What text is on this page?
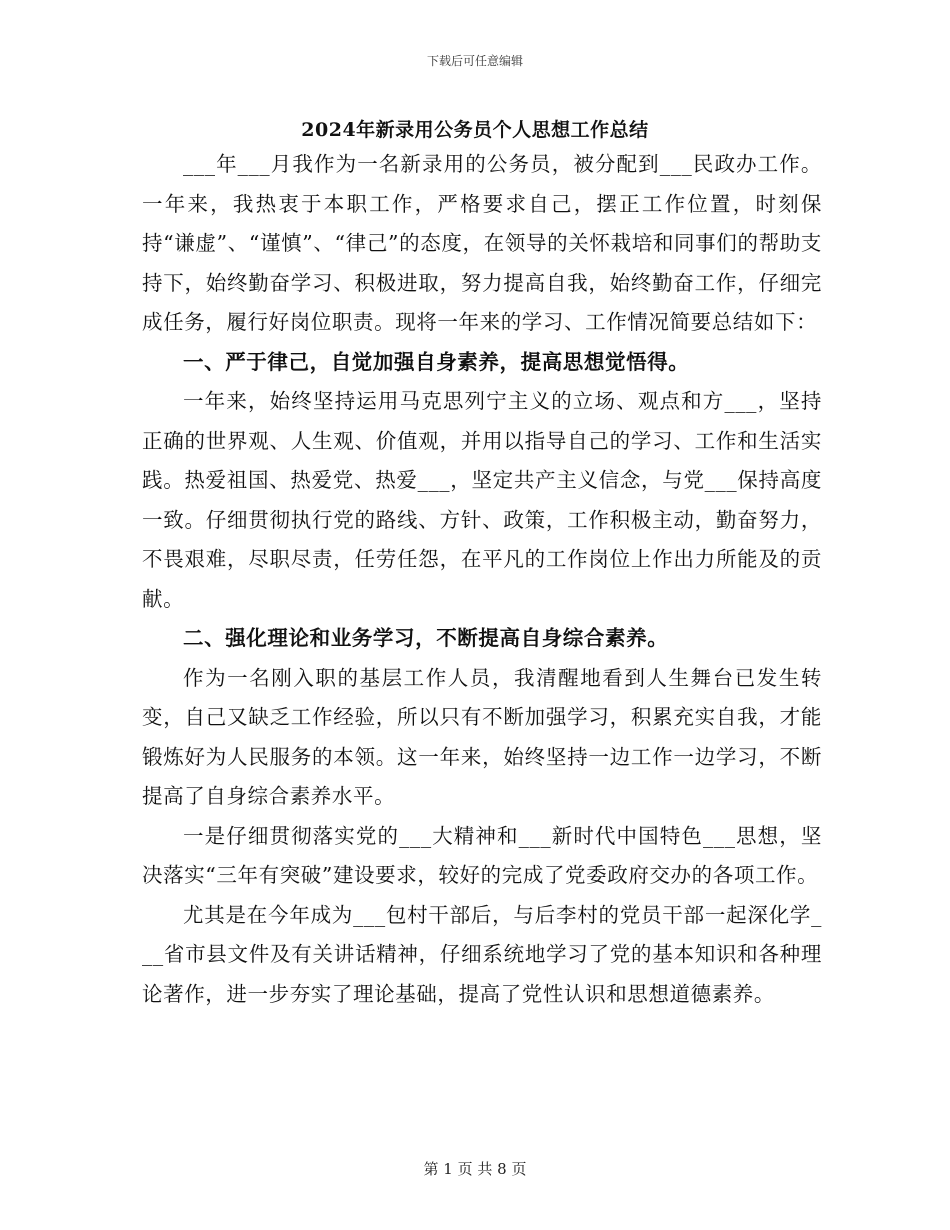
下载后可任意编辑
2024年新录用公务员个人思想工作总结

___年___月我作为一名新录用的公务员，被分配到___民政办工作。一年来，我热衷于本职工作，严格要求自己，摆正工作位置，时刻保持“谦虚”、“谨慎”、“律己”的态度，在领导的关怀栽培和同事们的帮助支持下，始终勤奋学习、积极进取，努力提高自我，始终勤奋工作，仔细完成任务，履行好岗位职责。现将一年来的学习、工作情况简要总结如下：

一、严于律己，自觉加强自身素养，提高思想觉悟得。

一年来，始终坚持运用马克思列宁主义的立场、观点和方___，坚持正确的世界观、人生观、价值观，并用以指导自己的学习、工作和生活实践。热爱祖国、热爱党、热爱___，坚定共产主义信念，与党___保持高度一致。仔细贯彻执行党的路线、方针、政策，工作积极主动，勤奋努力，不畏艰难，尽职尽责，任劳任怨，在平凡的工作岗位上作出力所能及的贡献。

二、强化理论和业务学习，不断提高自身综合素养。

作为一名刚入职的基层工作人员，我清醒地看到人生舞台已发生转变，自己又缺乏工作经验，所以只有不断加强学习，积累充实自我，才能锻炼好为人民服务的本领。这一年来，始终坚持一边工作一边学习，不断提高了自身综合素养水平。

一是仔细贯彻落实党的___大精神和___新时代中国特色___思想，坚决落实“三年有突破”建设要求，较好的完成了党委政府交办的各项工作。

尤其是在今年成为___包村干部后，与后李村的党员干部一起深化学___省市县文件及有关讲话精神，仔细系统地学习了党的基本知识和各种理论著作，进一步夯实了理论基础，提高了党性认识和思想道德素养。

第 1 页 共 8 页
